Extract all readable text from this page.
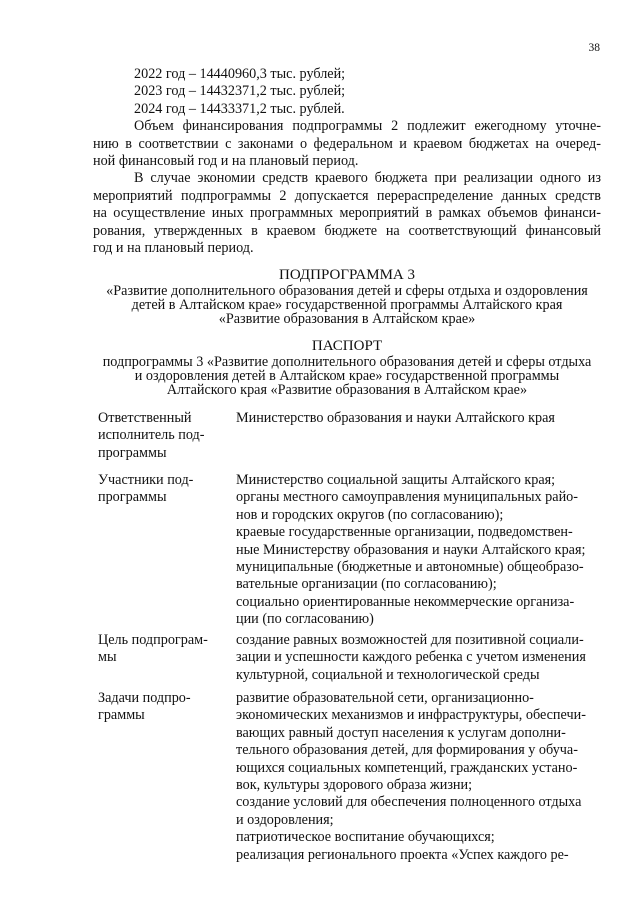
38
2022 год – 14440960,3 тыс. рублей;
2023 год – 14432371,2 тыс. рублей;
2024 год – 14433371,2 тыс. рублей.
Объем финансирования подпрограммы 2 подлежит ежегодному уточне-
нию в соответствии с законами о федеральном и краевом бюджетах на очеред-
ной финансовый год и на плановый период.
В случае экономии средств краевого бюджета при реализации одного из
мероприятий подпрограммы 2 допускается перераспределение данных средств
на осуществление иных программных мероприятий в рамках объемов финанси-
рования, утвержденных в краевом бюджете на соответствующий финансовый
год и на плановый период.
ПОДПРОГРАММА 3
«Развитие дополнительного образования детей и сферы отдыха и оздоровления
детей в Алтайском крае» государственной программы Алтайского края
«Развитие образования в Алтайском крае»
ПАСПОРТ
подпрограммы 3 «Развитие дополнительного образования детей и сферы отдыха
и оздоровления детей в Алтайском крае» государственной программы
Алтайского края «Развитие образования в Алтайском крае»
Ответственный
исполнитель под-
программы
Министерство образования и науки Алтайского края
Участники под-
программы
Министерство социальной защиты Алтайского края;
органы местного самоуправления муниципальных райо-
нов и городских округов (по согласованию);
краевые государственные организации, подведомствен-
ные Министерству образования и науки Алтайского края;
муниципальные (бюджетные и автономные) общеобразо-
вательные организации (по согласованию);
социально ориентированные некоммерческие организа-
ции (по согласованию)
Цель подпрограм-
мы
создание равных возможностей для позитивной социали-
зации и успешности каждого ребенка с учетом изменения
культурной, социальной и технологической среды
Задачи подпро-
граммы
развитие образовательной сети, организационно-
экономических механизмов и инфраструктуры, обеспечи-
вающих равный доступ населения к услугам дополни-
тельного образования детей, для формирования у обуча-
ющихся социальных компетенций, гражданских устано-
вок, культуры здорового образа жизни;
создание условий для обеспечения полноценного отдыха
и оздоровления;
патриотическое воспитание обучающихся;
реализация регионального проекта «Успех каждого ре-
